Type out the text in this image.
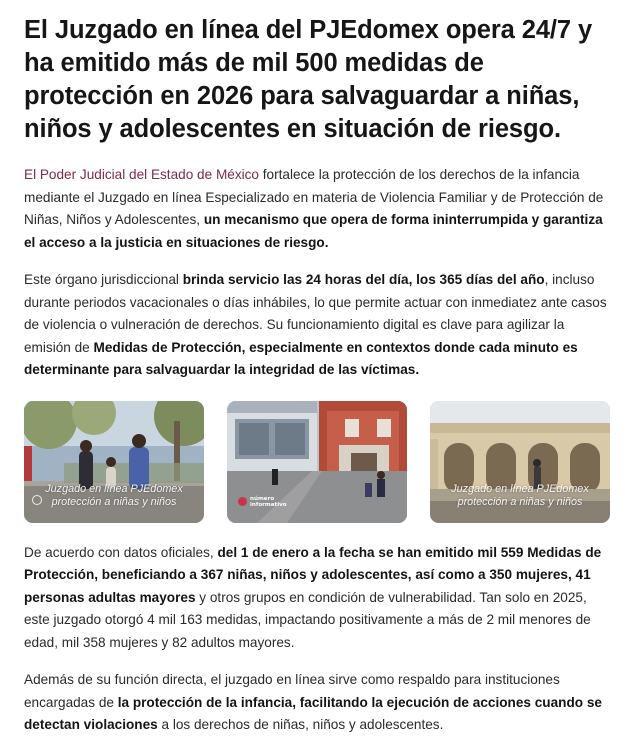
El Juzgado en línea del PJEdomex opera 24/7 y ha emitido más de mil 500 medidas de protección en 2026 para salvaguardar a niñas, niños y adolescentes en situación de riesgo.

El Poder Judicial del Estado de México fortalece la protección de los derechos de la infancia mediante el Juzgado en línea Especializado en materia de Violencia Familiar y de Protección de Niñas, Niños y Adolescentes, un mecanismo que opera de forma ininterrumpida y garantiza el acceso a la justicia en situaciones de riesgo.

Este órgano jurisdiccional brinda servicio las 24 horas del día, los 365 días del año, incluso durante periodos vacacionales o días inhábiles, lo que permite actuar con inmediatez ante casos de violencia o vulneración de derechos. Su funcionamiento digital es clave para agilizar la emisión de Medidas de Protección, especialmente en contextos donde cada minuto es determinante para salvaguardar la integridad de las víctimas.

Juzgado en línea PJEdomex
protección a niñas y niños	número
informativo
Juzgado en línea PJEdomex
protección a niñas y niños

De acuerdo con datos oficiales, del 1 de enero a la fecha se han emitido mil 559 Medidas de Protección, beneficiando a 367 niñas, niños y adolescentes, así como a 350 mujeres, 41 personas adultas mayores y otros grupos en condición de vulnerabilidad. Tan solo en 2025, este juzgado otorgó 4 mil 163 medidas, impactando positivamente a más de 2 mil menores de edad, mil 358 mujeres y 82 adultos mayores.

Además de su función directa, el juzgado en línea sirve como respaldo para instituciones encargadas de la protección de la infancia, facilitando la ejecución de acciones cuando se detectan violaciones a los derechos de niñas, niños y adolescentes.
